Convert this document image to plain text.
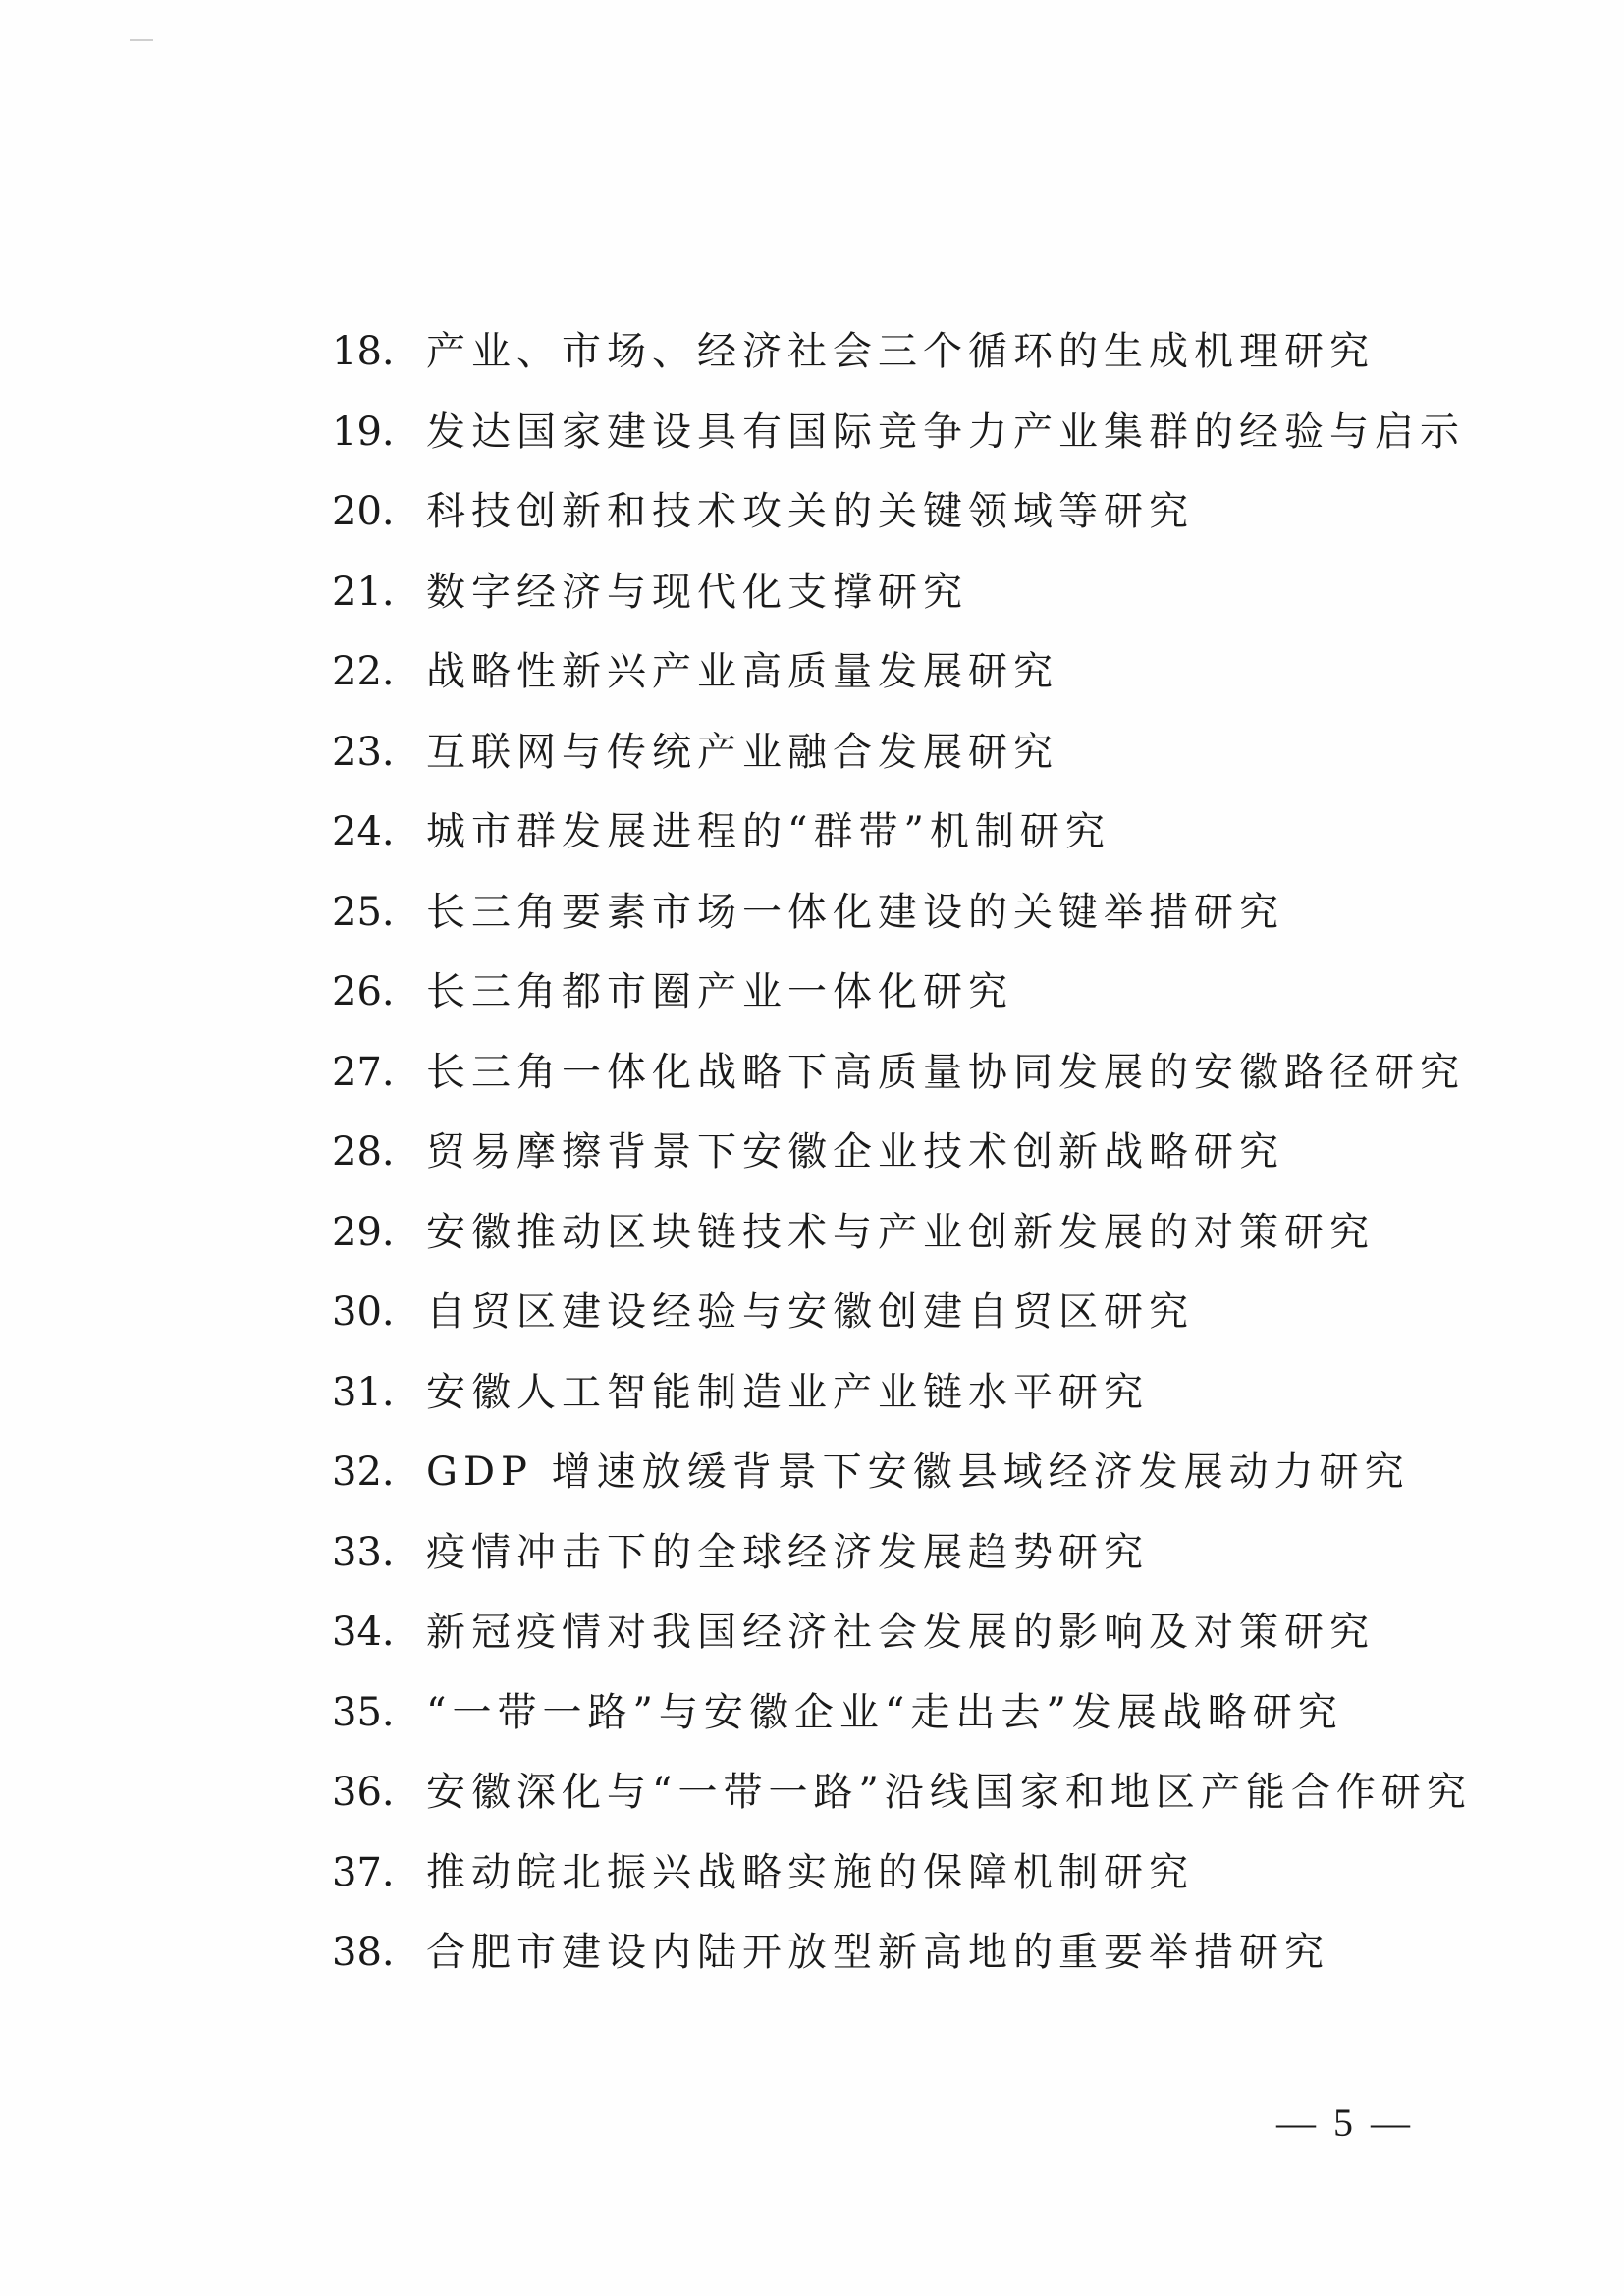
18. 产业、市场、经济社会三个循环的生成机理研究
19. 发达国家建设具有国际竞争力产业集群的经验与启示
20. 科技创新和技术攻关的关键领域等研究
21. 数字经济与现代化支撑研究
22. 战略性新兴产业高质量发展研究
23. 互联网与传统产业融合发展研究
24. 城市群发展进程的“群带”机制研究
25. 长三角要素市场一体化建设的关键举措研究
26. 长三角都市圈产业一体化研究
27. 长三角一体化战略下高质量协同发展的安徽路径研究
28. 贸易摩擦背景下安徽企业技术创新战略研究
29. 安徽推动区块链技术与产业创新发展的对策研究
30. 自贸区建设经验与安徽创建自贸区研究
31. 安徽人工智能制造业产业链水平研究
32. GDP 增速放缓背景下安徽县域经济发展动力研究
33. 疫情冲击下的全球经济发展趋势研究
34. 新冠疫情对我国经济社会发展的影响及对策研究
35. “一带一路”与安徽企业“走出去”发展战略研究
36. 安徽深化与“一带一路”沿线国家和地区产能合作研究
37. 推动皖北振兴战略实施的保障机制研究
38. 合肥市建设内陆开放型新高地的重要举措研究
— 5 —
